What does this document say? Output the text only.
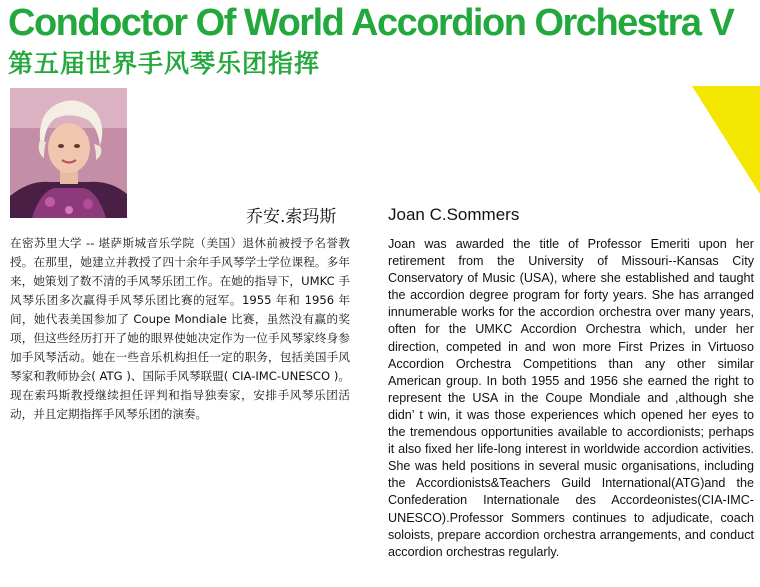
Condoctor Of World Accordion Orchestra V
第五届世界手风琴乐团指挥
乔安.索玛斯	Joan C.Sommers

在密苏里大学 -- 堪萨斯城音乐学院（美国）退休前被授予名誉教授。在那里，她建立并教授了四十余年手风琴学士学位课程。多年来，她策划了数不清的手风琴乐团工作。在她的指导下，UMKC 手风琴乐团多次赢得手风琴乐团比赛的冠军。1955 年和 1956 年间，她代表美国参加了 Coupe Mondiale 比赛，虽然没有赢的奖项，但这些经历打开了她的眼界使她决定作为一位手风琴家终身参加手风琴活动。她在一些音乐机构担任一定的职务，包括美国手风琴家和教师协会( ATG )、国际手风琴联盟( CIA-IMC-UNESCO )。现在索玛斯教授继续担任评判和指导独奏家，安排手风琴乐团活动，并且定期指挥手风琴乐团的演奏。

Joan was awarded the title of Professor Emeriti upon her retirement from the University of Missouri--Kansas City Conservatory of Music (USA), where she established and taught the accordion degree program for forty years. She has arranged innumerable works for the accordion orchestra over many years, often for the UMKC Accordion Orchestra which, under her direction, competed in and won more First Prizes in Virtuoso Accordion Orchestra Competitions than any other similar American group. In both 1955 and 1956 she earned the right to represent the USA in the Coupe Mondiale and ,although she didn’ t win, it was those experiences which opened her eyes to the tremendous opportunities available to accordionists; perhaps it also fixed her life-long interest in worldwide accordion activities. She was held positions in several music organisations, including the Accordionists&Teachers Guild International(ATG)and the Confederation Internationale des Accordeonistes(CIA-IMC-UNESCO).Professor Sommers continues to adjudicate, coach soloists, prepare accordion orchestra arrangements, and conduct accordion orchestras regularly.
